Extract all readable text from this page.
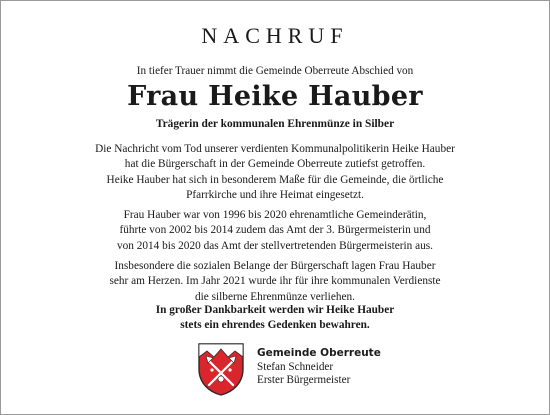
NACHRUF
In tiefer Trauer nimmt die Gemeinde Oberreute Abschied von
Frau Heike Hauber
Trägerin der kommunalen Ehrenmünze in Silber
Die Nachricht vom Tod unserer verdienten Kommunalpolitikerin Heike Hauber
hat die Bürgerschaft in der Gemeinde Oberreute zutiefst getroffen.
Heike Hauber hat sich in besonderem Maße für die Gemeinde, die örtliche
Pfarrkirche und ihre Heimat eingesetzt.
Frau Hauber war von 1996 bis 2020 ehrenamtliche Gemeinderätin,
führte von 2002 bis 2014 zudem das Amt der 3. Bürgermeisterin und
von 2014 bis 2020 das Amt der stellvertretenden Bürgermeisterin aus.
Insbesondere die sozialen Belange der Bürgerschaft lagen Frau Hauber
sehr am Herzen. Im Jahr 2021 wurde ihr für ihre kommunalen Verdienste
die silberne Ehrenmünze verliehen.
In großer Dankbarkeit werden wir Heike Hauber
stets ein ehrendes Gedenken bewahren.
Gemeinde Oberreute
Stefan Schneider
Erster Bürgermeister
